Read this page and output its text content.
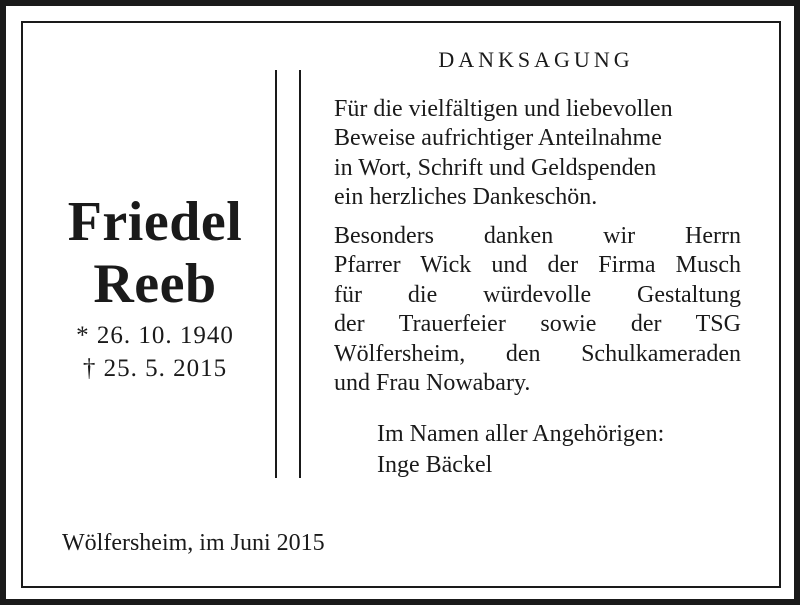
Friedel
Reeb
* 26. 10. 1940
† 25. 5. 2015
DANKSAGUNG
Für die vielfältigen und liebevollen
Beweise aufrichtiger Anteilnahme
in Wort, Schrift und Geldspenden
ein herzliches Dankeschön.
Besonders danken wir Herrn
Pfarrer Wick und der Firma Musch
für die würdevolle Gestaltung
der Trauerfeier sowie der TSG
Wölfersheim, den Schulkameraden
und Frau Nowabary.
Im Namen aller Angehörigen:
Inge Bäckel
Wölfersheim, im Juni 2015
